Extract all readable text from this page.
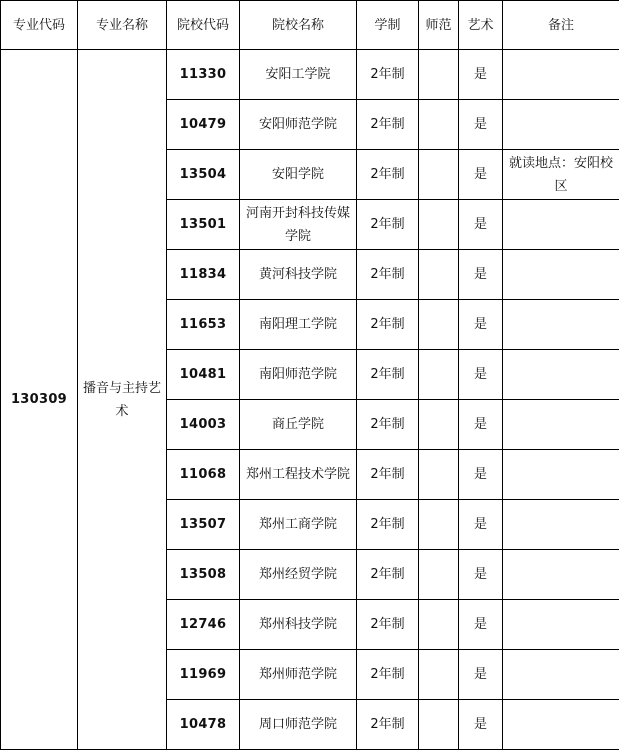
专业代码	专业名称	院校代码	院校名称	学制	师范	艺术	备注
130309	播音与主持艺术	11330	安阳工学院	2年制		是	
		10479	安阳师范学院	2年制		是	
		13504	安阳学院	2年制		是	就读地点：安阳校区
		13501	河南开封科技传媒学院	2年制		是	
		11834	黄河科技学院	2年制		是	
		11653	南阳理工学院	2年制		是	
		10481	南阳师范学院	2年制		是	
		14003	商丘学院	2年制		是	
		11068	郑州工程技术学院	2年制		是	
		13507	郑州工商学院	2年制		是	
		13508	郑州经贸学院	2年制		是	
		12746	郑州科技学院	2年制		是	
		11969	郑州师范学院	2年制		是	
		10478	周口师范学院	2年制		是	
